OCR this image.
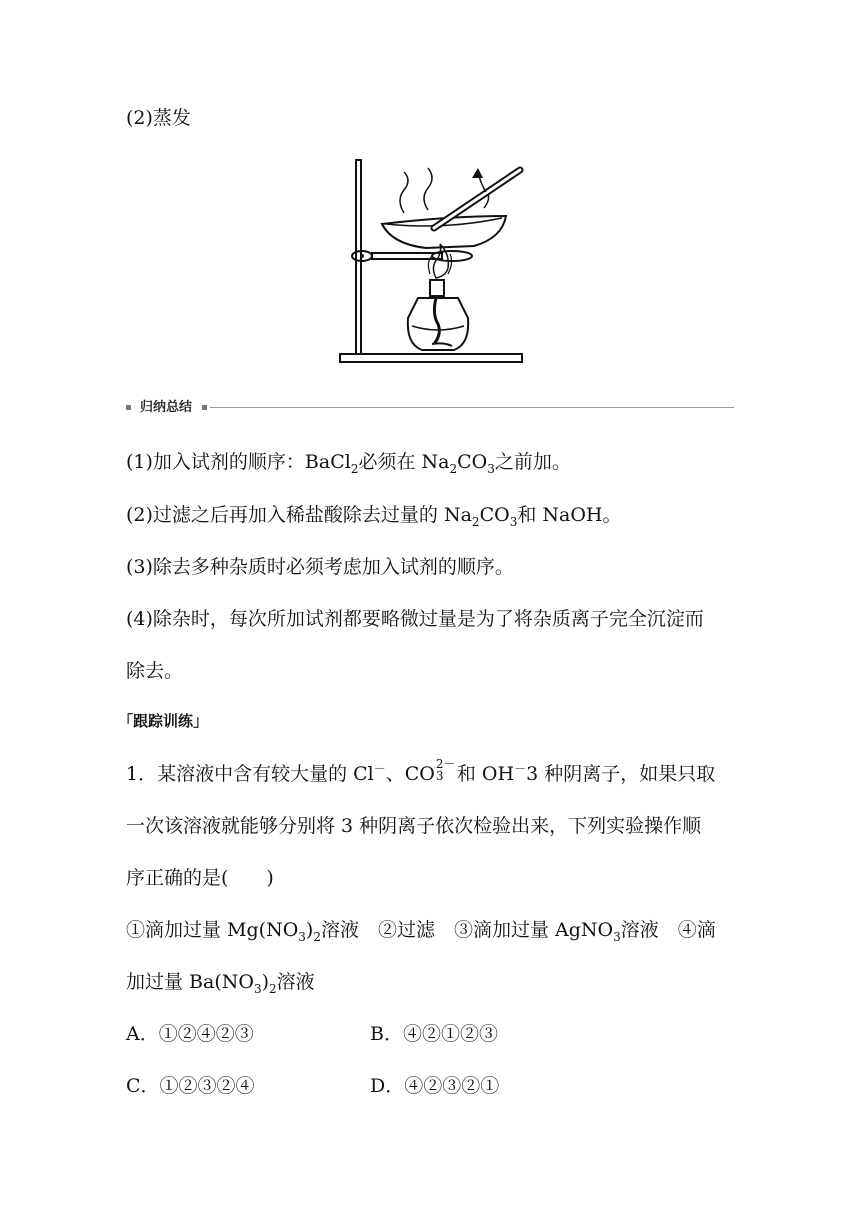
(2)蒸发
归纳总结
(1)加入试剂的顺序：BaCl$_2$必须在 $Na_2CO_3$之前加。
(2)过滤之后再加入稀盐酸除去过量的 $Na_2CO_3$和 NaOH。
(3)除去多种杂质时必须考虑加入试剂的顺序。
(4)除杂时，每次所加试剂都要略微过量是为了将杂质离子完全沉淀而
除去。
「跟踪训练」
1．某溶液中含有较大量的 Cl－、CO 2－
3 和 OH－3 种阴离子，如果只取
一次该溶液就能够分别将 3 种阴离子依次检验出来，下列实验操作顺
序正确的是(　　)
①滴加过量 $Mg(NO_3)_2$溶液　②过滤　③滴加过量 AgNO$_3$溶液　④滴
加过量 $Ba(NO_3)_2$溶液
A．①②④②③	B．④②①②③
C．①②③②④	D．④②③②①
